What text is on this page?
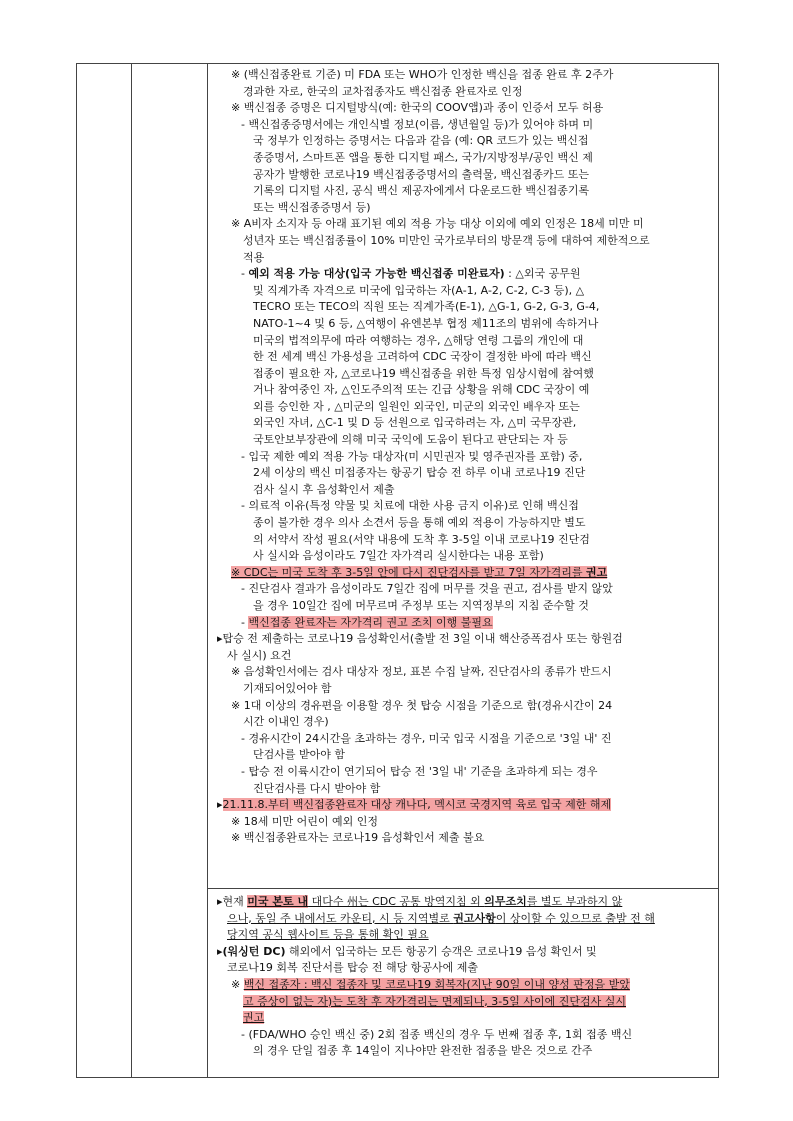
※ (백신접종완료 기준) 미 FDA 또는 WHO가 인정한 백신을 접종 완료 후 2주가

경과한 자로, 한국의 교차접종자도 백신접종 완료자로 인정

※ 백신접종 증명은 디지털방식(예: 한국의 COOV앱)과 종이 인증서 모두 허용

- 백신접종증명서에는 개인식별 정보(이름, 생년월일 등)가 있어야 하며 미

국 정부가 인정하는 증명서는 다음과 같음 (예: QR 코드가 있는 백신접

종증명서, 스마트폰 앱을 통한 디지털 패스, 국가/지방정부/공인 백신 제

공자가 발행한 코로나19 백신접종증명서의 출력물, 백신접종카드 또는

기록의 디지털 사진, 공식 백신 제공자에게서 다운로드한 백신접종기록

또는 백신접종증명서 등)

※ A비자 소지자 등 아래 표기된 예외 적용 가능 대상 이외에 예외 인정은 18세 미만 미

성년자 또는 백신접종률이 10% 미만인 국가로부터의 방문객 등에 대하여 제한적으로

적용

- 예외 적용 가능 대상(입국 가능한 백신접종 미완료자) : △외국 공무원

및 직계가족 자격으로 미국에 입국하는 자(A-1, A-2, C-2, C-3 등), △

TECRO 또는 TECO의 직원 또는 직계가족(E-1), △G-1, G-2, G-3, G-4,

NATO-1~4 및 6 등, △여행이 유엔본부 협정 제11조의 범위에 속하거나

미국의 법적의무에 따라 여행하는 경우, △해당 연령 그룹의 개인에 대

한 전 세계 백신 가용성을 고려하여 CDC 국장이 결정한 바에 따라 백신

접종이 필요한 자, △코로나19 백신접종을 위한 특정 임상시험에 참여했

거나 참여중인 자, △인도주의적 또는 긴급 상황을 위해 CDC 국장이 예

외를 승인한 자 , △미군의 일원인 외국인, 미군의 외국인 배우자 또는

외국인 자녀, △C-1 및 D 등 선원으로 입국하려는 자, △미 국무장관,

국토안보부장관에 의해 미국 국익에 도움이 된다고 판단되는 자 등

- 입국 제한 예외 적용 가능 대상자(미 시민권자 및 영주권자를 포함) 중,

2세 이상의 백신 미접종자는 항공기 탑승 전 하루 이내 코로나19 진단

검사 실시 후 음성확인서 제출

- 의료적 이유(특정 약물 및 치료에 대한 사용 금지 이유)로 인해 백신접

종이 불가한 경우 의사 소견서 등을 통해 예외 적용이 가능하지만 별도

의 서약서 작성 필요(서약 내용에 도착 후 3-5일 이내 코로나19 진단검

사 실시와 음성이라도 7일간 자가격리 실시한다는 내용 포함)

※ CDC는 미국 도착 후 3-5일 안에 다시 진단검사를 받고 7일 자가격리를 권고

- 진단검사 결과가 음성이라도 7일간 집에 머무를 것을 권고, 검사를 받지 않았

을 경우 10일간 집에 머무르며 주정부 또는 지역정부의 지침 준수할 것

- 백신접종 완료자는 자가격리 권고 조치 이행 불필요

▸탑승 전 제출하는 코로나19 음성확인서(출발 전 3일 이내 핵산증폭검사 또는 항원검

사 실시) 요건

※ 음성확인서에는 검사 대상자 정보, 표본 수집 날짜, 진단검사의 종류가 반드시

기재되어있어야 함

※ 1대 이상의 경유편을 이용할 경우 첫 탑승 시점을 기준으로 함(경유시간이 24

시간 이내인 경우)

- 경유시간이 24시간을 초과하는 경우, 미국 입국 시점을 기준으로 '3일 내' 진

단검사를 받아야 함

- 탑승 전 이륙시간이 연기되어 탑승 전 '3일 내' 기준을 초과하게 되는 경우

진단검사를 다시 받아야 함

▸21.11.8.부터 백신접종완료자 대상 캐나다, 멕시코 국경지역 육로 입국 제한 해제

※ 18세 미만 어린이 예외 인정

※ 백신접종완료자는 코로나19 음성확인서 제출 불요

▸현재 미국 본토 내 대다수 州는 CDC 공통 방역지침 외 의무조치를 별도 부과하지 않

으나, 동일 주 내에서도 카운티, 시 등 지역별로 권고사항이 상이할 수 있으므로 출발 전 해

당지역 공식 웹사이트 등을 통해 확인 필요

▸(워싱턴 DC) 해외에서 입국하는 모든 항공기 승객은 코로나19 음성 확인서 및

코로나19 회복 진단서를 탑승 전 해당 항공사에 제출

※ 백신 접종자 : 백신 접종자 및 코로나19 회복자(지난 90일 이내 양성 판정을 받았

고 증상이 없는 자)는 도착 후 자가격리는 면제되나, 3-5일 사이에 진단검사 실시

권고

- (FDA/WHO 승인 백신 중) 2회 접종 백신의 경우 두 번째 접종 후, 1회 접종 백신

의 경우 단일 접종 후 14일이 지나야만 완전한 접종을 받은 것으로 간주
